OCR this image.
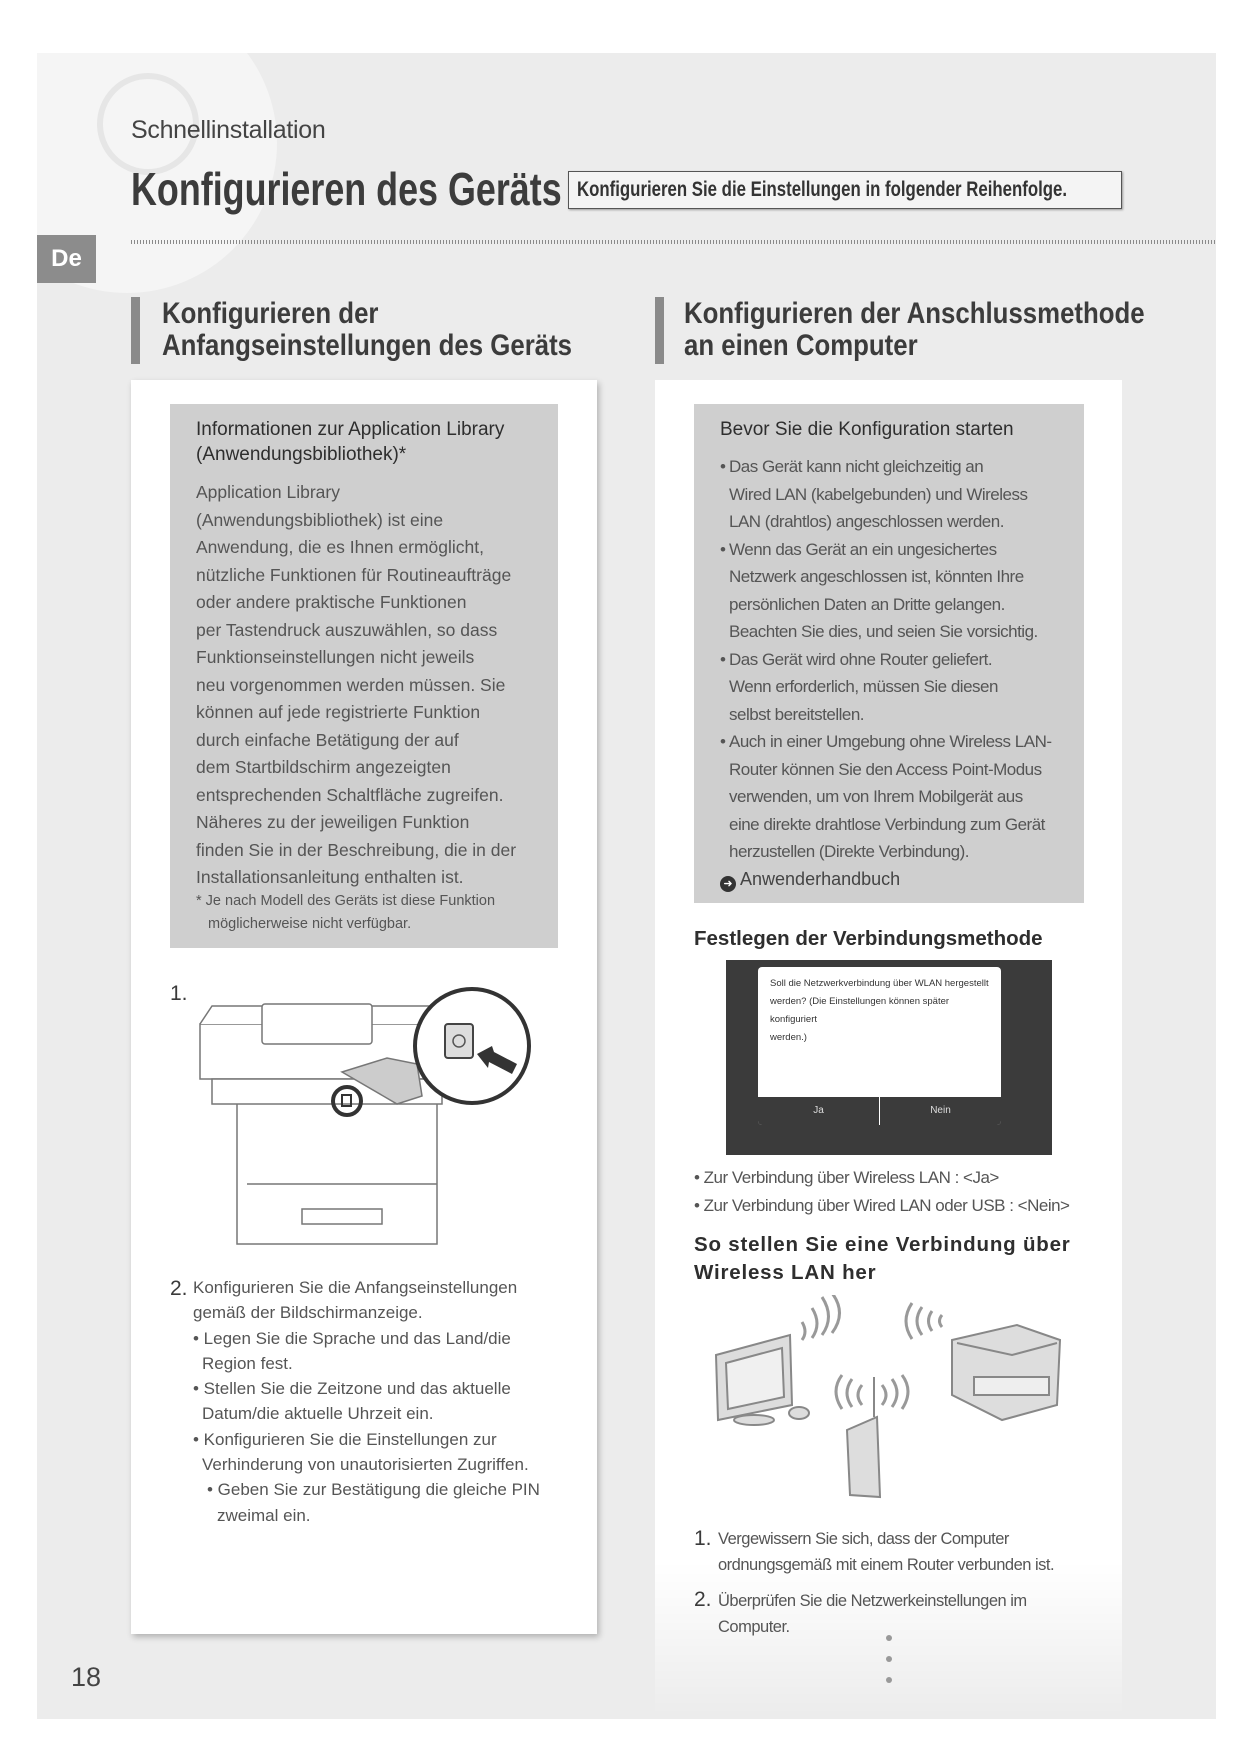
Schnellinstallation
Konfigurieren des Geräts Konfigurieren Sie die Einstellungen in folgender Reihenfolge.
De
Konfigurieren der
Anfangseinstellungen des Geräts
Konfigurieren der Anschlussmethode
an einen Computer
Informationen zur Application Library
(Anwendungsbibliothek)*
Application Library
(Anwendungsbibliothek) ist eine
Anwendung, die es Ihnen ermöglicht,
nützliche Funktionen für Routineaufträge
oder andere praktische Funktionen
per Tastendruck auszuwählen, so dass
Funktionseinstellungen nicht jeweils
neu vorgenommen werden müssen. Sie
können auf jede registrierte Funktion
durch einfache Betätigung der auf
dem Startbildschirm angezeigten
entsprechenden Schaltfläche zugreifen.
Näheres zu der jeweiligen Funktion
finden Sie in der Beschreibung, die in der
Installationsanleitung enthalten ist.
* Je nach Modell des Geräts ist diese Funktion
möglicherweise nicht verfügbar.
1.
2. Konfigurieren Sie die Anfangseinstellungen
gemäß der Bildschirmanzeige.
• Legen Sie die Sprache und das Land/die
Region fest.
• Stellen Sie die Zeitzone und das aktuelle
Datum/die aktuelle Uhrzeit ein.
• Konfigurieren Sie die Einstellungen zur
Verhinderung von unautorisierten Zugriffen.
• Geben Sie zur Bestätigung die gleiche PIN
zweimal ein.
Bevor Sie die Konfiguration starten
• Das Gerät kann nicht gleichzeitig an
Wired LAN (kabelgebunden) und Wireless
LAN (drahtlos) angeschlossen werden.
• Wenn das Gerät an ein ungesichertes
Netzwerk angeschlossen ist, könnten Ihre
persönlichen Daten an Dritte gelangen.
Beachten Sie dies, und seien Sie vorsichtig.
• Das Gerät wird ohne Router geliefert.
Wenn erforderlich, müssen Sie diesen
selbst bereitstellen.
• Auch in einer Umgebung ohne Wireless LAN-
Router können Sie den Access Point-Modus
verwenden, um von Ihrem Mobilgerät aus
eine direkte drahtlose Verbindung zum Gerät
herzustellen (Direkte Verbindung).
➜ Anwenderhandbuch
Festlegen der Verbindungsmethode
Soll die Netzwerkverbindung über WLAN hergestellt
werden? (Die Einstellungen können später konfiguriert
werden.)
Ja	Nein
• Zur Verbindung über Wireless LAN : <Ja>
• Zur Verbindung über Wired LAN oder USB : <Nein>
So stellen Sie eine Verbindung über
Wireless LAN her
1. Vergewissern Sie sich, dass der Computer
ordnungsgemäß mit einem Router verbunden ist.
2. Überprüfen Sie die Netzwerkeinstellungen im
Computer.
18
